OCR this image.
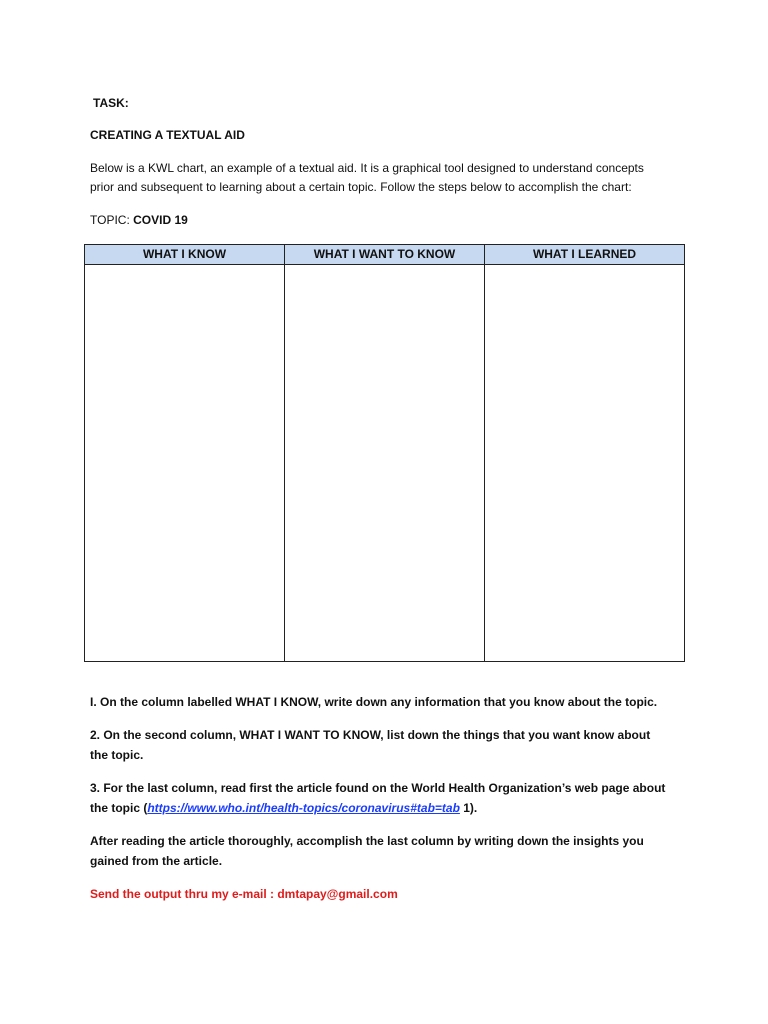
TASK:
CREATING A TEXTUAL AID
Below is a KWL chart, an example of a textual aid. It is a graphical tool designed to understand concepts
prior and subsequent to learning about a certain topic. Follow the steps below to accomplish the chart:
TOPIC: COVID 19
WHAT I KNOW	WHAT I WANT TO KNOW	WHAT I LEARNED
I. On the column labelled WHAT I KNOW, write down any information that you know about the topic.
2. On the second column, WHAT I WANT TO KNOW, list down the things that you want know about
the topic.
3. For the last column, read first the article found on the World Health Organization’s web page about
the topic (https://www.who.int/health-topics/coronavirus#tab=tab 1).
After reading the article thoroughly, accomplish the last column by writing down the insights you
gained from the article.
Send the output thru my e-mail : dmtapay@gmail.com
